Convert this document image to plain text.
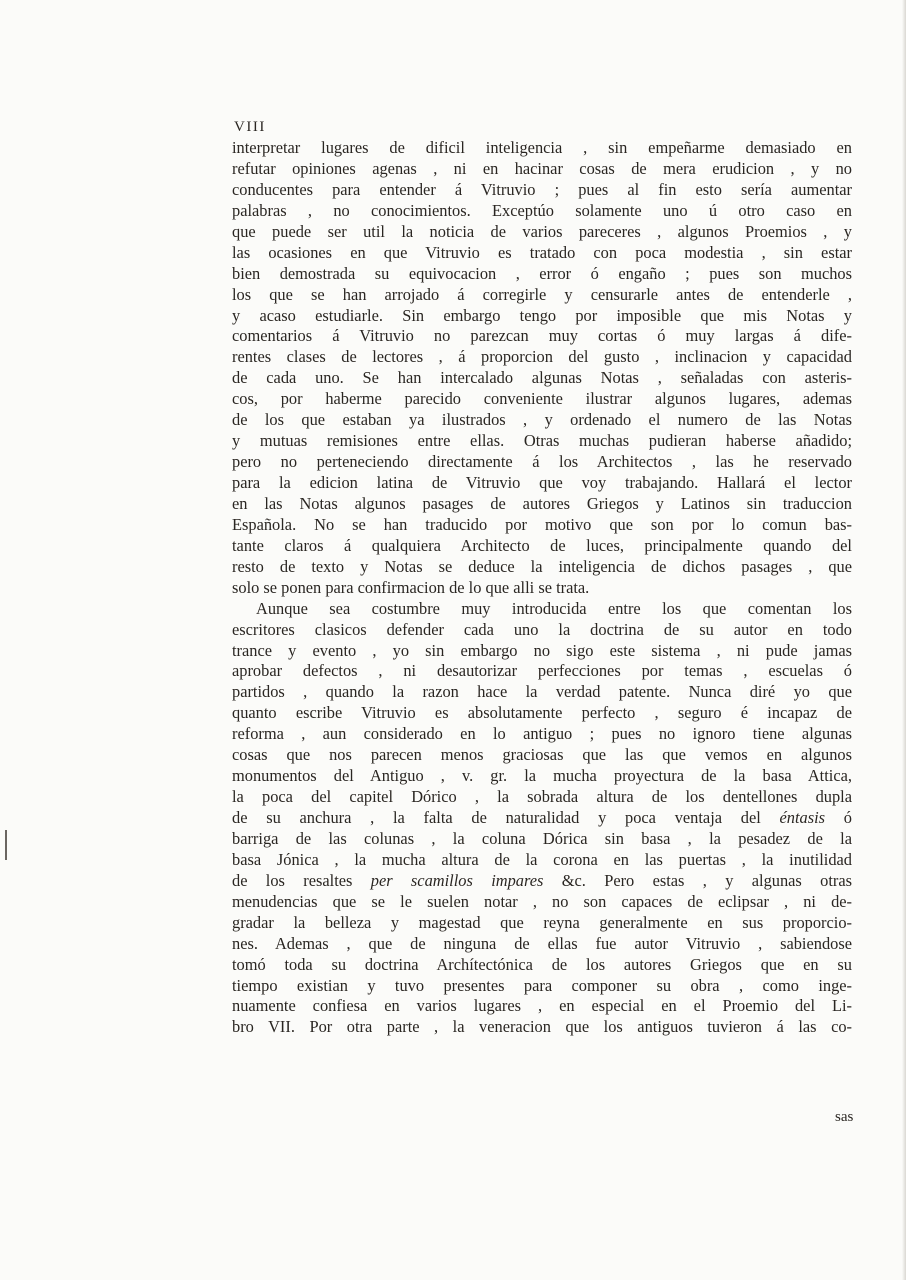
VIII
interpretar lugares de dificil inteligencia , sin empeñarme demasiado en
refutar opiniones agenas , ni en hacinar cosas de mera erudicion , y no
conducentes para entender á Vitruvio ; pues al fin esto sería aumentar
palabras , no conocimientos. Exceptúo solamente uno ú otro caso en
que puede ser util la noticia de varios pareceres , algunos Proemios , y
las ocasiones en que Vitruvio es tratado con poca modestia , sin estar
bien demostrada su equivocacion , error ó engaño ; pues son muchos
los que se han arrojado á corregirle y censurarle antes de entenderle ,
y acaso estudiarle. Sin embargo tengo por imposible que mis Notas y
comentarios á Vitruvio no parezcan muy cortas ó muy largas á dife-
rentes clases de lectores , á proporcion del gusto , inclinacion y capacidad
de cada uno. Se han intercalado algunas Notas , señaladas con asteris-
cos, por haberme parecido conveniente ilustrar algunos lugares, ademas
de los que estaban ya ilustrados , y ordenado el numero de las Notas
y mutuas remisiones entre ellas. Otras muchas pudieran haberse añadido;
pero no perteneciendo directamente á los Architectos , las he reservado
para la edicion latina de Vitruvio que voy trabajando. Hallará el lector
en las Notas algunos pasages de autores Griegos y Latinos sin traduccion
Española. No se han traducido por motivo que son por lo comun bas-
tante claros á qualquiera Architecto de luces, principalmente quando del
resto de texto y Notas se deduce la inteligencia de dichos pasages , que
solo se ponen para confirmacion de lo que alli se trata.
Aunque sea costumbre muy introducida entre los que comentan los
escritores clasicos defender cada uno la doctrina de su autor en todo
trance y evento , yo sin embargo no sigo este sistema , ni pude jamas
aprobar defectos , ni desautorizar perfecciones por temas , escuelas ó
partidos , quando la razon hace la verdad patente. Nunca diré yo que
quanto escribe Vitruvio es absolutamente perfecto , seguro é incapaz de
reforma , aun considerado en lo antiguo ; pues no ignoro tiene algunas
cosas que nos parecen menos graciosas que las que vemos en algunos
monumentos del Antiguo , v. gr. la mucha proyectura de la basa Attica,
la poca del capitel Dórico , la sobrada altura de los dentellones dupla
de su anchura , la falta de naturalidad y poca ventaja del éntasis ó
barriga de las colunas , la coluna Dórica sin basa , la pesadez de la
basa Jónica , la mucha altura de la corona en las puertas , la inutilidad
de los resaltes per scamillos impares &c. Pero estas , y algunas otras
menudencias que se le suelen notar , no son capaces de eclipsar , ni de-
gradar la belleza y magestad que reyna generalmente en sus proporcio-
nes. Ademas , que de ninguna de ellas fue autor Vitruvio , sabiendose
tomó toda su doctrina Archítectónica de los autores Griegos que en su
tiempo existian y tuvo presentes para componer su obra , como inge-
nuamente confiesa en varios lugares , en especial en el Proemio del Li-
bro VII. Por otra parte , la veneracion que los antiguos tuvieron á las co-
sas
